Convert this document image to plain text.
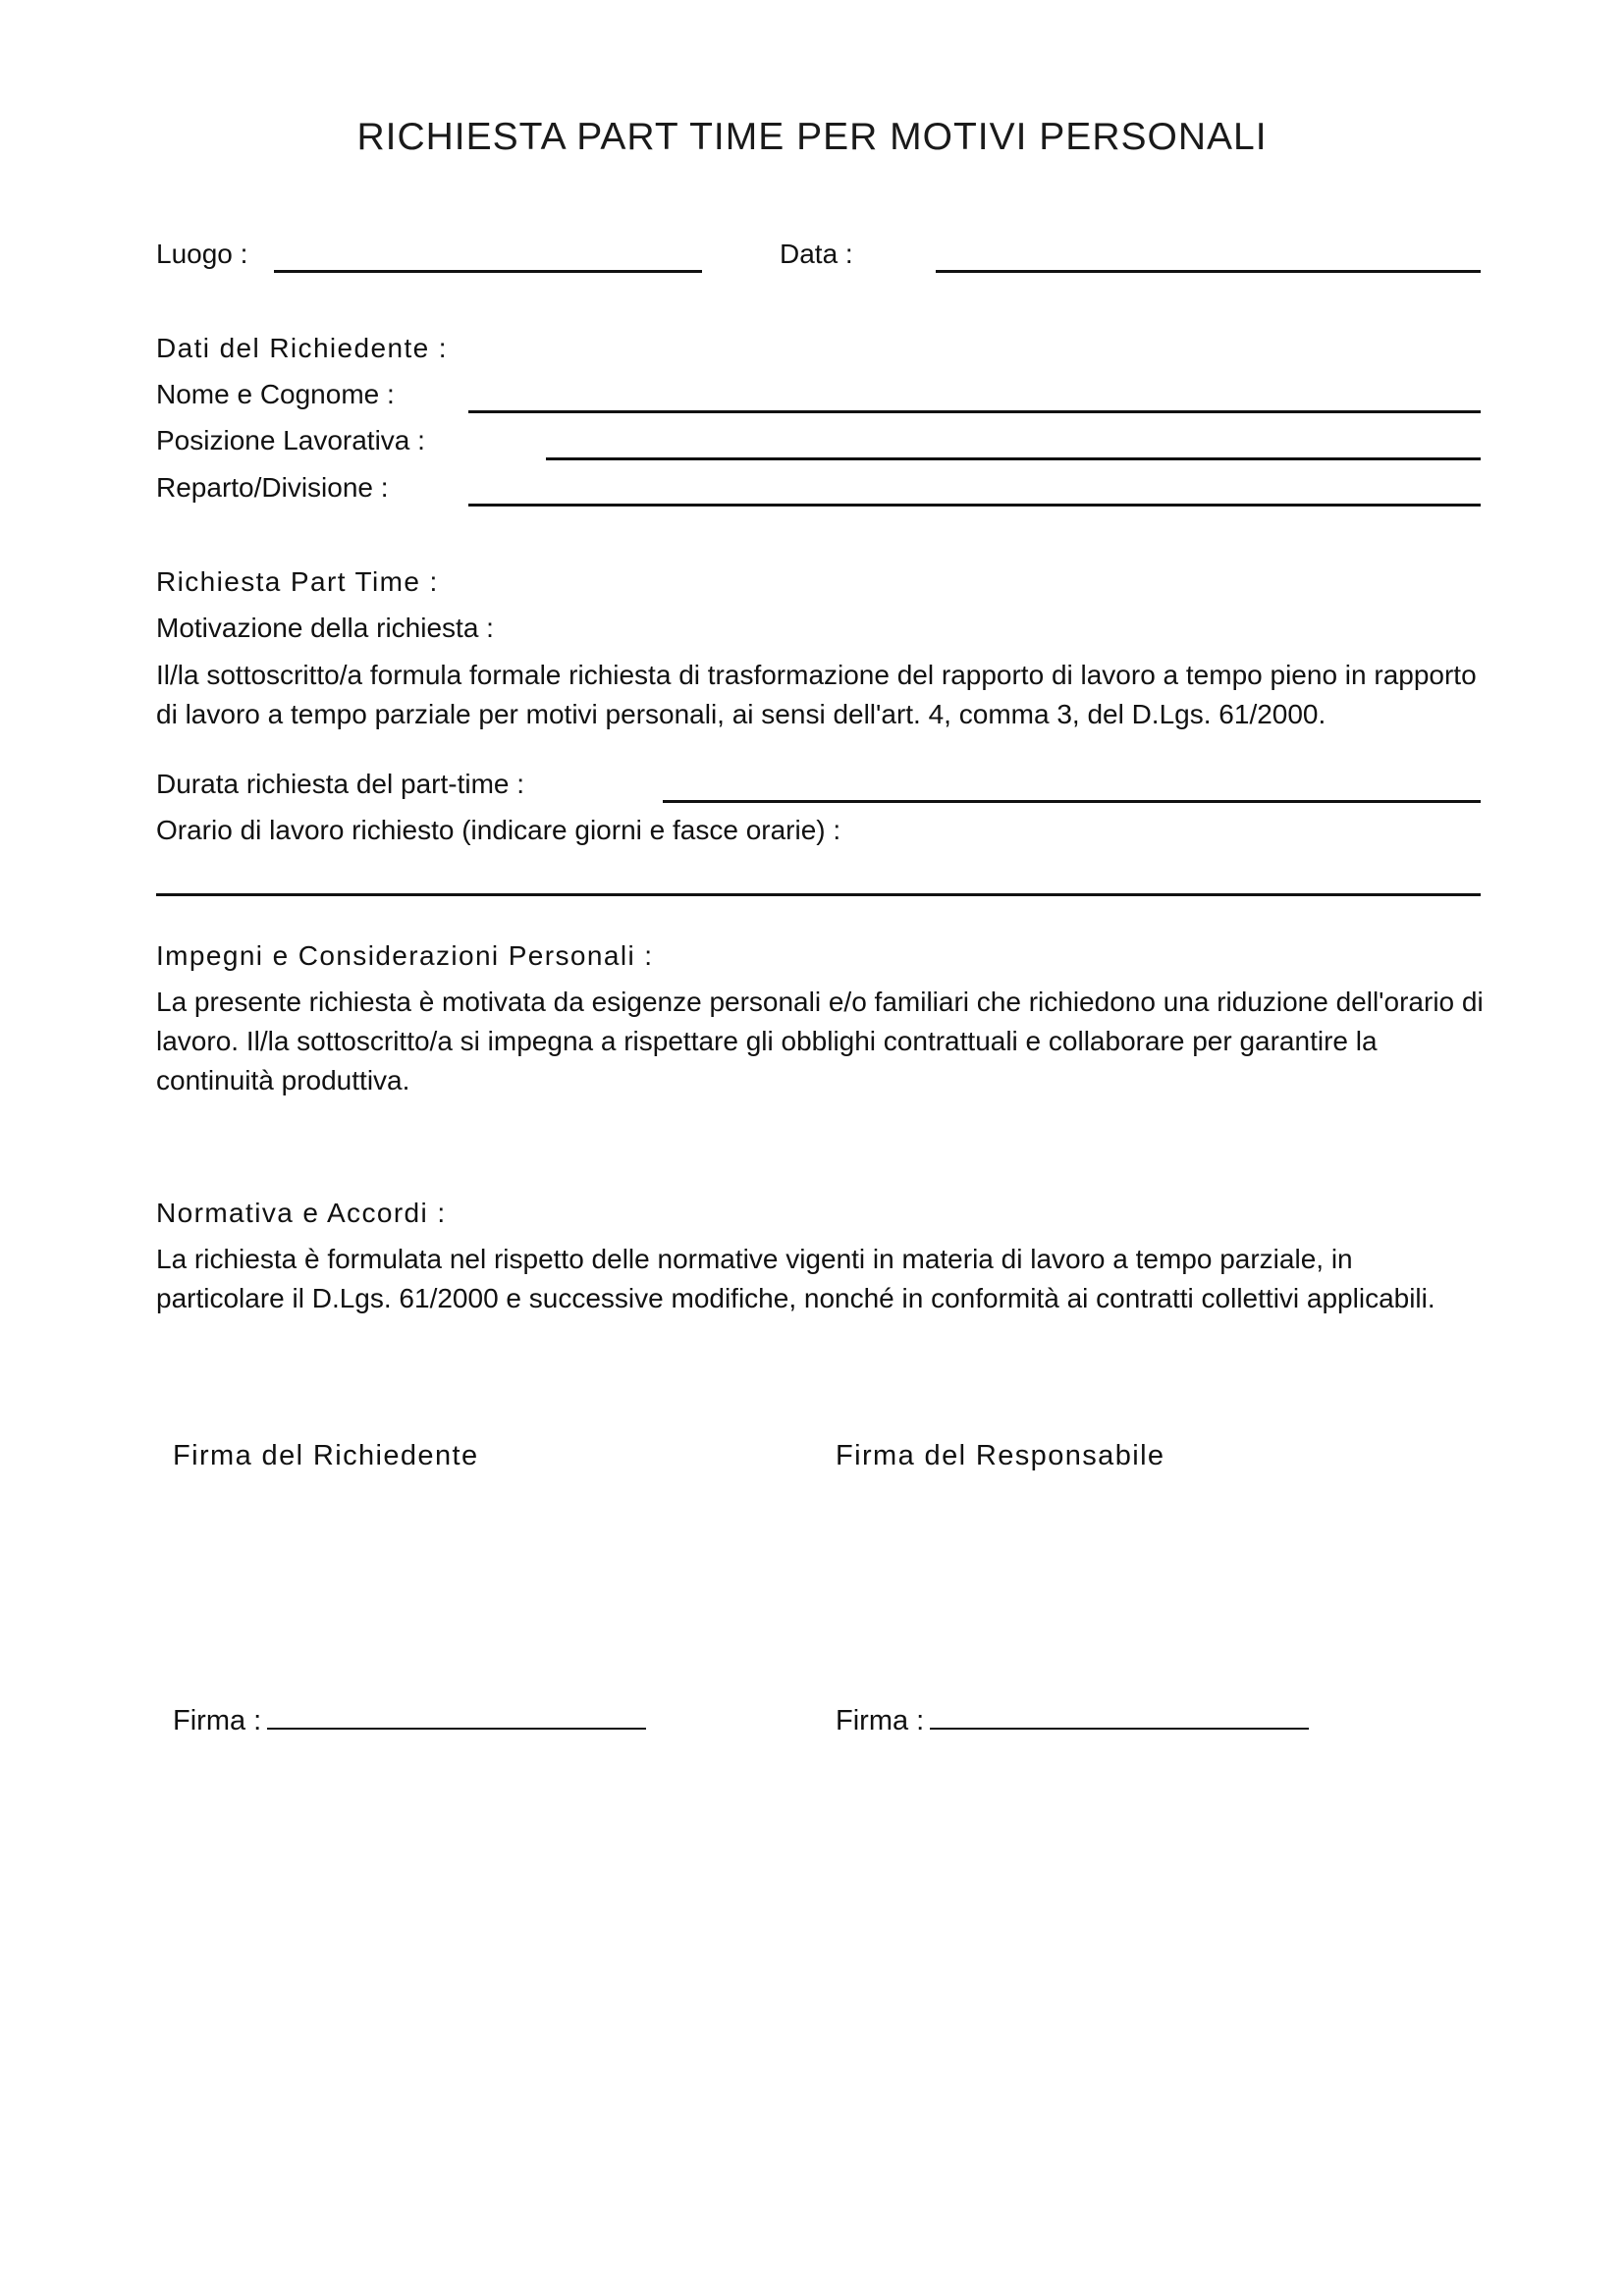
RICHIESTA PART TIME PER MOTIVI PERSONALI
Luogo :	Data :
Dati del Richiedente :
Nome e Cognome :
Posizione Lavorativa :
Reparto/Divisione :
Richiesta Part Time :
Motivazione della richiesta :
Il/la sottoscritto/a formula formale richiesta di trasformazione del rapporto di lavoro a tempo pieno in rapporto di lavoro a tempo parziale per motivi personali, ai sensi dell'art. 4, comma 3, del D.Lgs. 61/2000.
Durata richiesta del part-time :
Orario di lavoro richiesto (indicare giorni e fasce orarie) :
Impegni e Considerazioni Personali :
La presente richiesta è motivata da esigenze personali e/o familiari che richiedono una riduzione dell'orario di lavoro. Il/la sottoscritto/a si impegna a rispettare gli obblighi contrattuali e collaborare per garantire la continuità produttiva.
Normativa e Accordi :
La richiesta è formulata nel rispetto delle normative vigenti in materia di lavoro a tempo parziale, in particolare il D.Lgs. 61/2000 e successive modifiche, nonché in conformità ai contratti collettivi applicabili.
Firma del Richiedente	Firma del Responsabile
Firma :	Firma :
